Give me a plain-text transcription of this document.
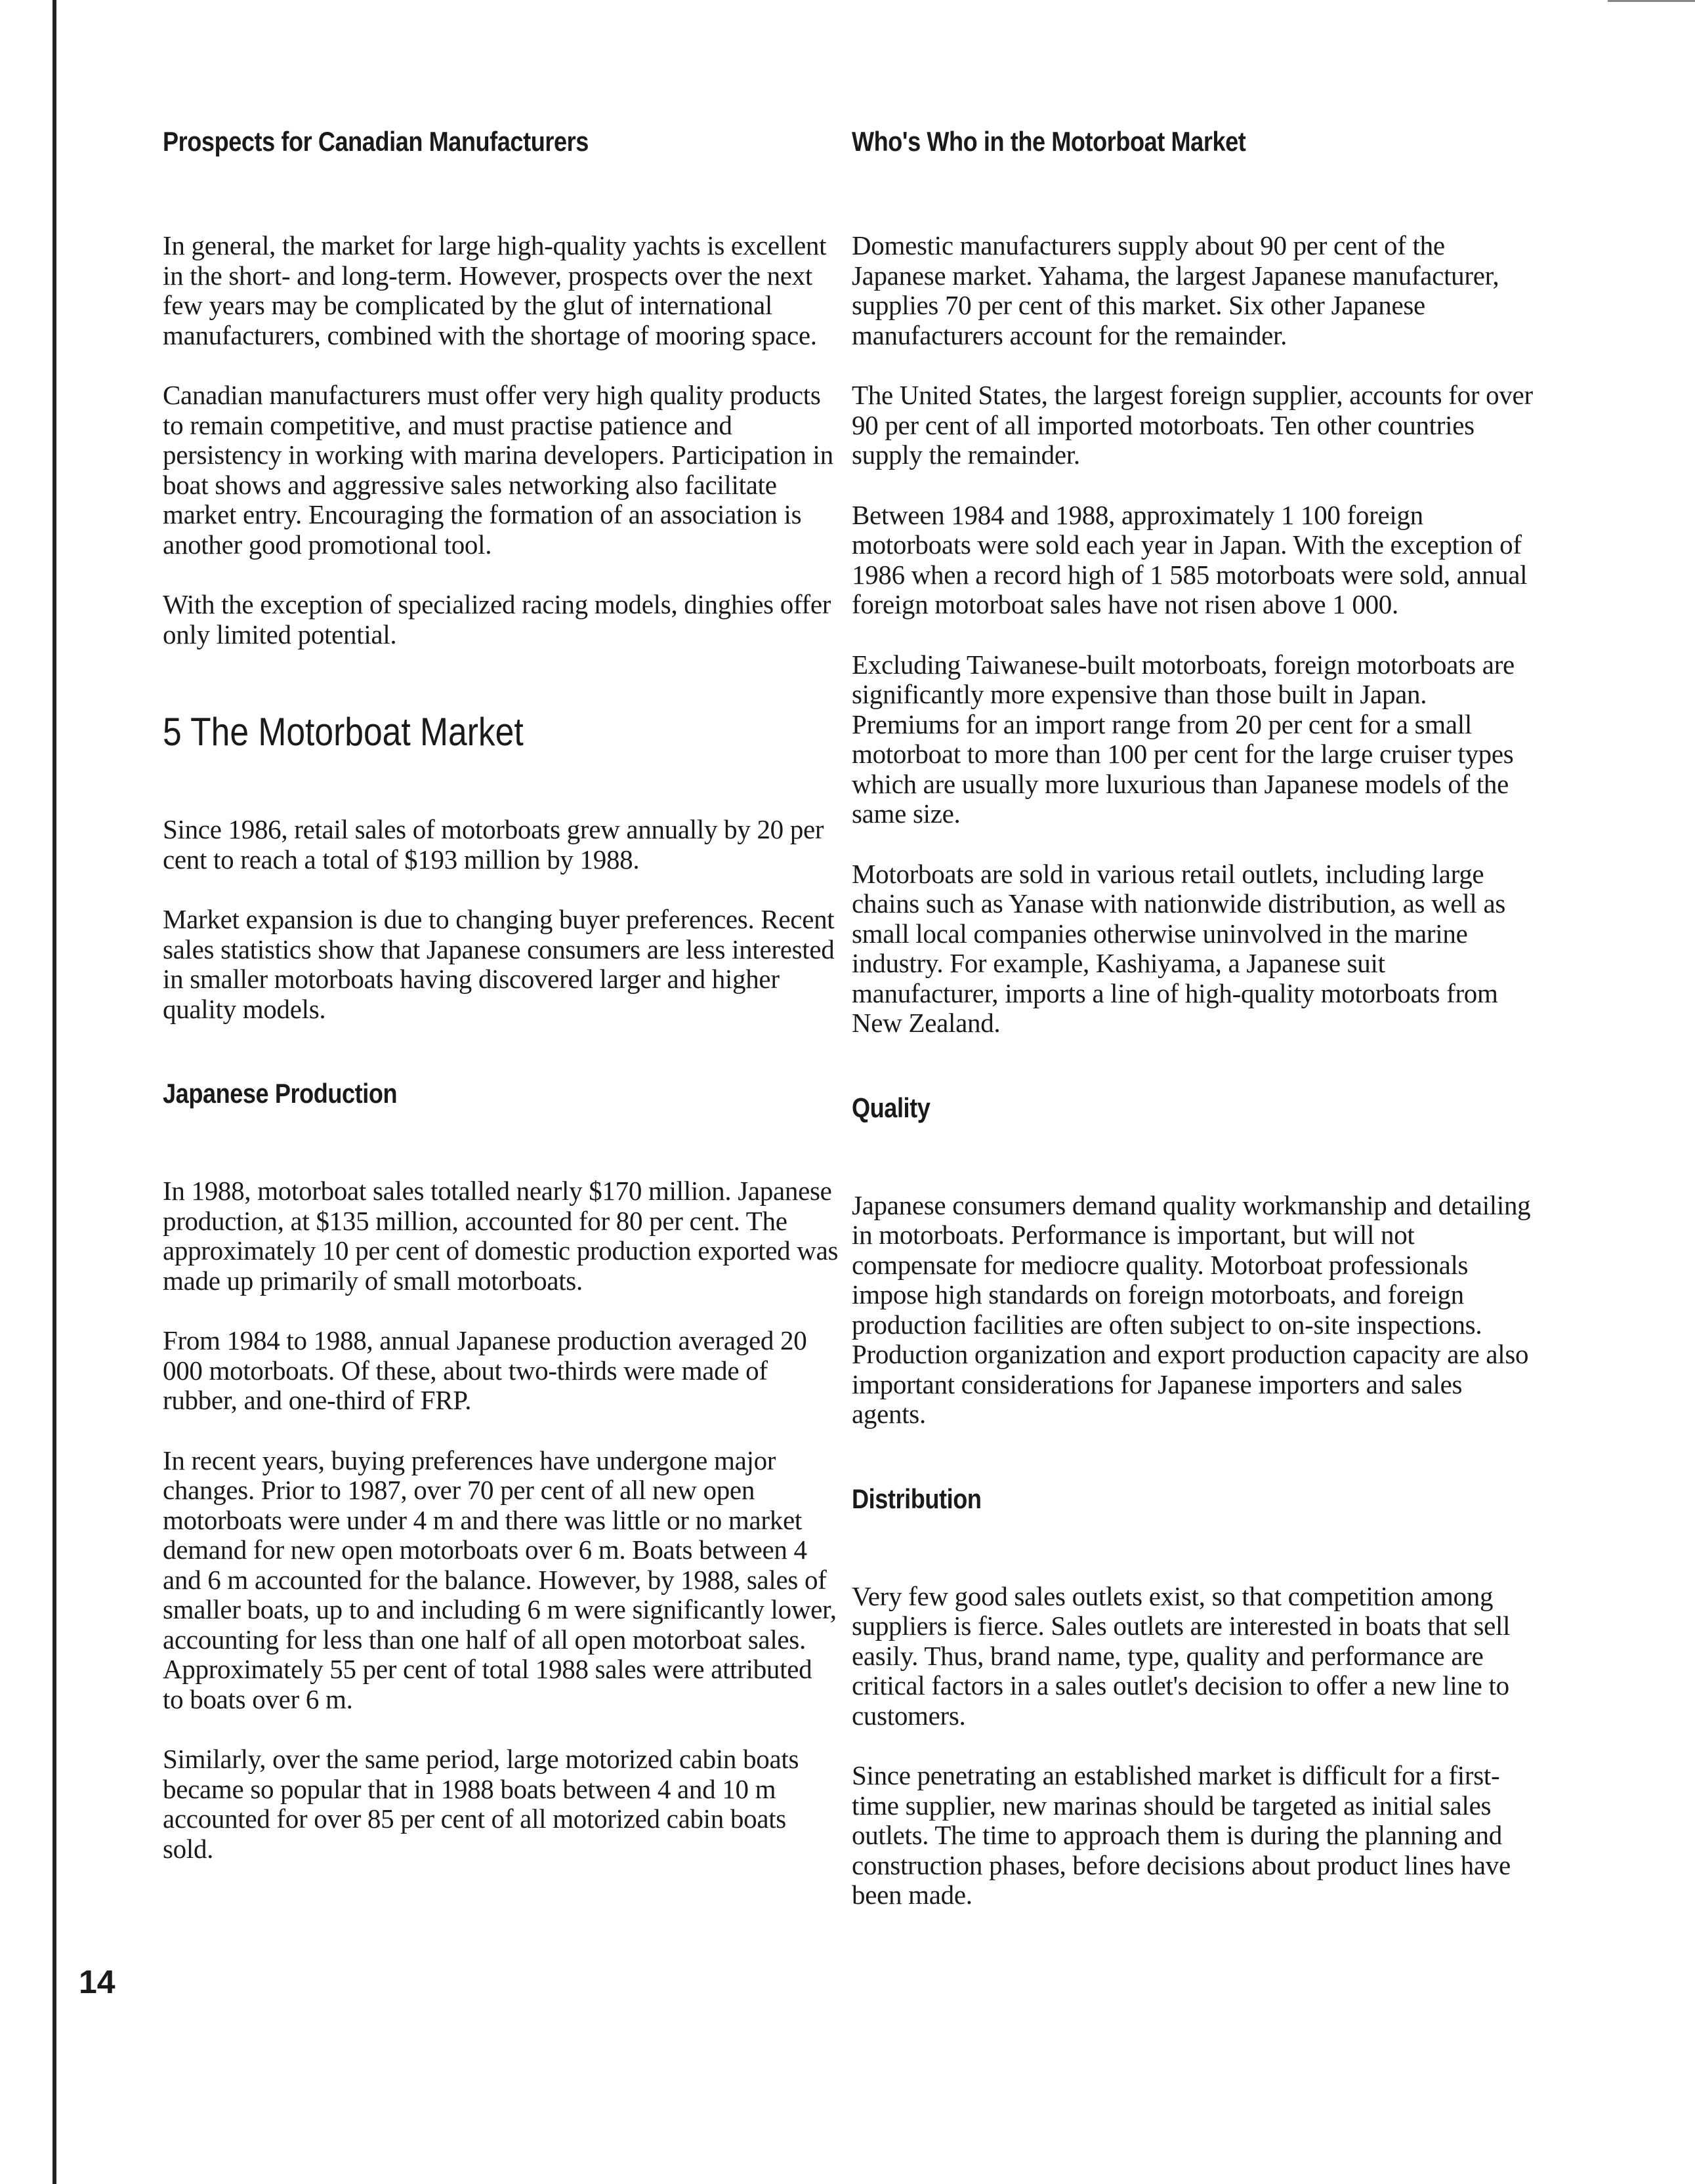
Prospects for Canadian Manufacturers

In general, the market for large high-quality yachts is excellent in the short- and long-term. However, prospects over the next few years may be complicated by the glut of international manufacturers, combined with the shortage of mooring space.

Canadian manufacturers must offer very high quality products to remain competitive, and must practise patience and persistency in working with marina developers. Participation in boat shows and aggressive sales networking also facilitate market entry. Encouraging the formation of an association is another good promotional tool.

With the exception of specialized racing models, dinghies offer only limited potential.

5 The Motorboat Market

Since 1986, retail sales of motorboats grew annually by 20 per cent to reach a total of $193 million by 1988.

Market expansion is due to changing buyer preferences. Recent sales statistics show that Japanese consumers are less interested in smaller motorboats having discovered larger and higher quality models.

Japanese Production

In 1988, motorboat sales totalled nearly $170 million. Japanese production, at $135 million, accounted for 80 per cent. The approximately 10 per cent of domestic production exported was made up primarily of small motorboats.

From 1984 to 1988, annual Japanese production averaged 20 000 motorboats. Of these, about two-thirds were made of rubber, and one-third of FRP.

In recent years, buying preferences have undergone major changes. Prior to 1987, over 70 per cent of all new open motorboats were under 4 m and there was little or no market demand for new open motorboats over 6 m. Boats between 4 and 6 m accounted for the balance. However, by 1988, sales of smaller boats, up to and including 6 m were significantly lower, accounting for less than one half of all open motorboat sales. Approximately 55 per cent of total 1988 sales were attributed to boats over 6 m.

Similarly, over the same period, large motorized cabin boats became so popular that in 1988 boats between 4 and 10 m accounted for over 85 per cent of all motorized cabin boats sold.

Who's Who in the Motorboat Market

Domestic manufacturers supply about 90 per cent of the Japanese market. Yahama, the largest Japanese manufacturer, supplies 70 per cent of this market. Six other Japanese manufacturers account for the remainder.

The United States, the largest foreign supplier, accounts for over 90 per cent of all imported motorboats. Ten other countries supply the remainder.

Between 1984 and 1988, approximately 1 100 foreign motorboats were sold each year in Japan. With the exception of 1986 when a record high of 1 585 motorboats were sold, annual foreign motorboat sales have not risen above 1 000.

Excluding Taiwanese-built motorboats, foreign motorboats are significantly more expensive than those built in Japan. Premiums for an import range from 20 per cent for a small motorboat to more than 100 per cent for the large cruiser types which are usually more luxurious than Japanese models of the same size.

Motorboats are sold in various retail outlets, including large chains such as Yanase with nationwide distribution, as well as small local companies otherwise uninvolved in the marine industry. For example, Kashiyama, a Japanese suit manufacturer, imports a line of high-quality motorboats from New Zealand.

Quality

Japanese consumers demand quality workmanship and detailing in motorboats. Performance is important, but will not compensate for mediocre quality. Motorboat professionals impose high standards on foreign motorboats, and foreign production facilities are often subject to on-site inspections. Production organization and export production capacity are also important considerations for Japanese importers and sales agents.

Distribution

Very few good sales outlets exist, so that competition among suppliers is fierce. Sales outlets are interested in boats that sell easily. Thus, brand name, type, quality and performance are critical factors in a sales outlet's decision to offer a new line to customers.

Since penetrating an established market is difficult for a first-time supplier, new marinas should be targeted as initial sales outlets. The time to approach them is during the planning and construction phases, before decisions about product lines have been made.

14
